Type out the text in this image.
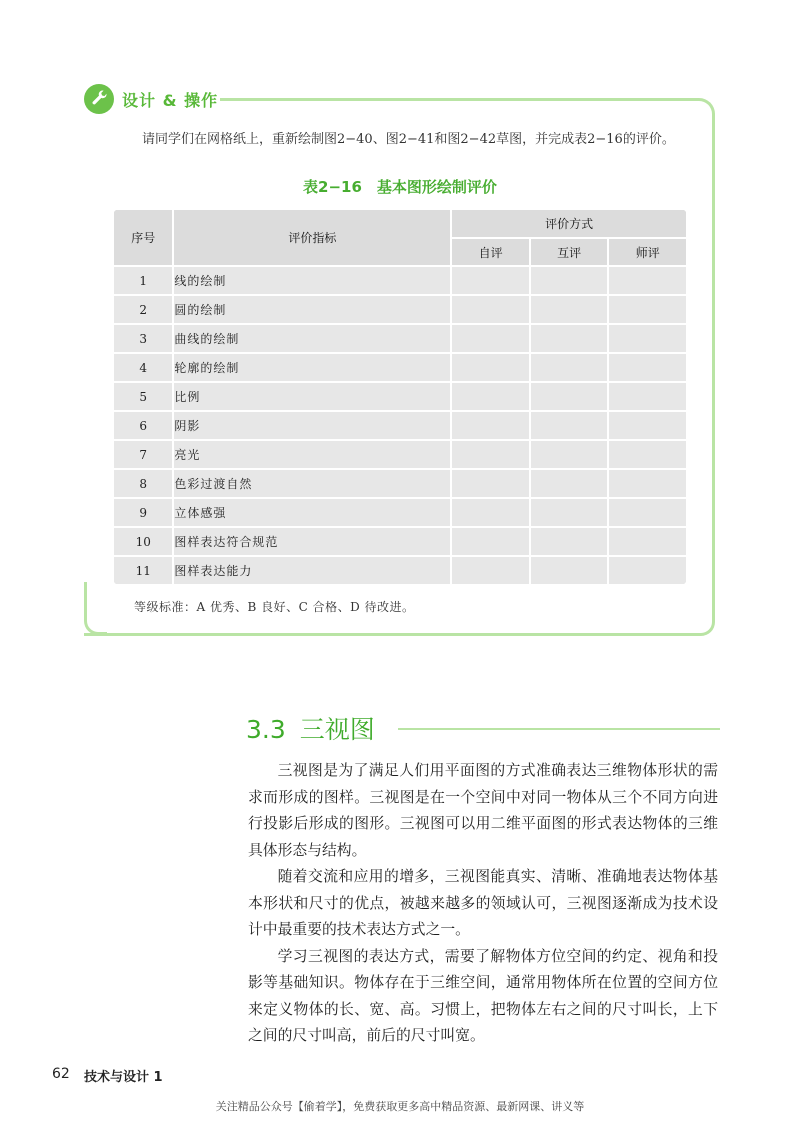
设计 & 操作
请同学们在网格纸上，重新绘制图2−40、图2−41和图2−42草图，并完成表2−16的评价。
表2−16　基本图形绘制评价
序号	评价指标	评价方式		
		自评	互评	师评
1	线的绘制			
2	圆的绘制			
3	曲线的绘制			
4	轮廓的绘制			
5	比例			
6	阴影			
7	亮光			
8	色彩过渡自然			
9	立体感强			
10	图样表达符合规范			
11	图样表达能力			
等级标准：A 优秀、B 良好、C 合格、D 待改进。
3.3 三视图

三视图是为了满足人们用平面图的方式准确表达三维物体形状的需求而形成的图样。三视图是在一个空间中对同一物体从三个不同方向进行投影后形成的图形。三视图可以用二维平面图的形式表达物体的三维具体形态与结构。

随着交流和应用的增多，三视图能真实、清晰、准确地表达物体基本形状和尺寸的优点，被越来越多的领域认可，三视图逐渐成为技术设计中最重要的技术表达方式之一。

学习三视图的表达方式，需要了解物体方位空间的约定、视角和投影等基础知识。物体存在于三维空间，通常用物体所在位置的空间方位来定义物体的长、宽、高。习惯上，把物体左右之间的尺寸叫长，上下之间的尺寸叫高，前后的尺寸叫宽。

62 技术与设计 1
关注精品公众号【偷着学】，免费获取更多高中精品资源、最新网课、讲义等
